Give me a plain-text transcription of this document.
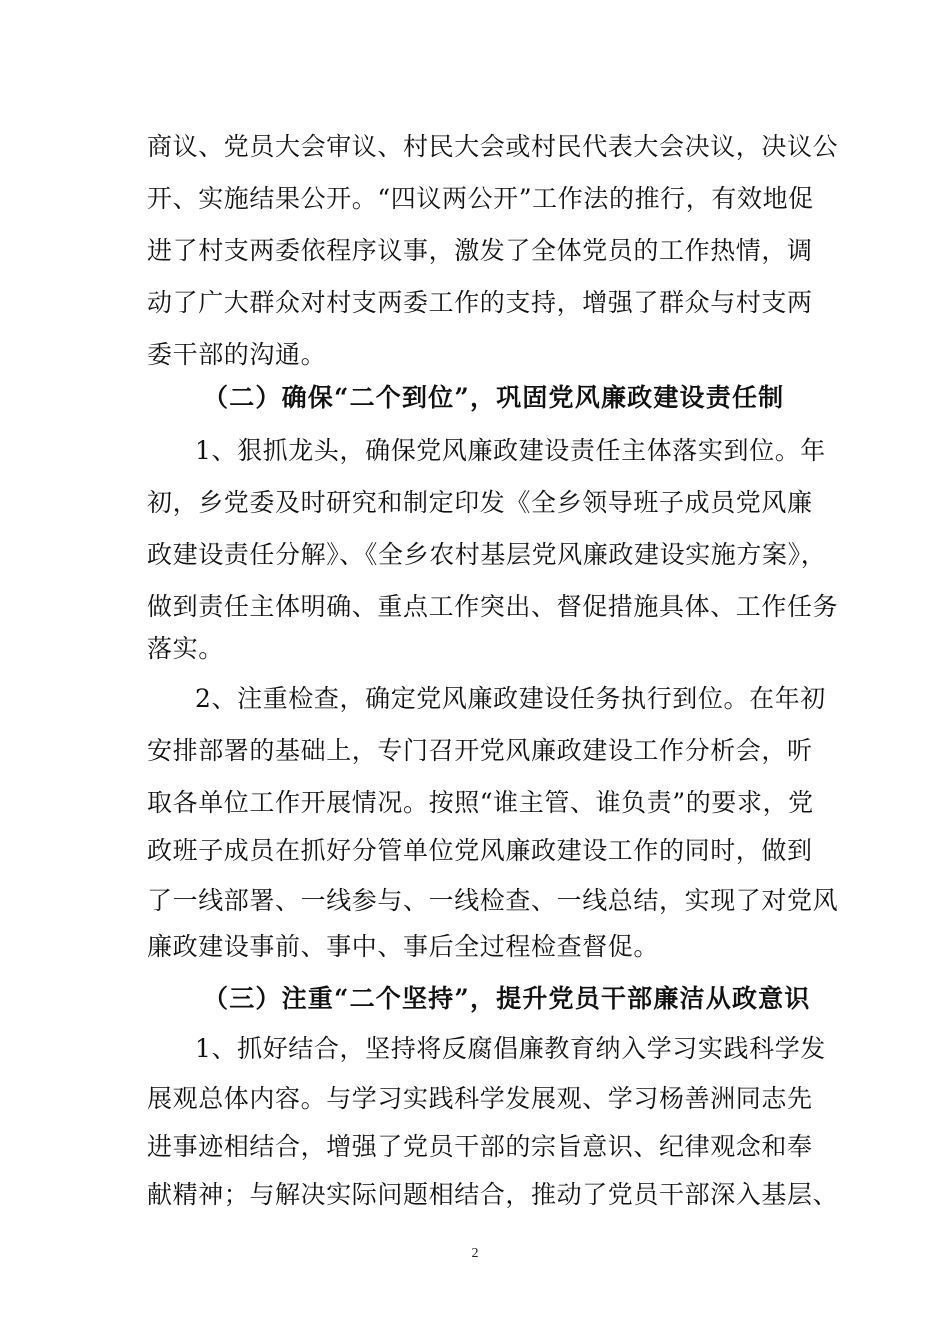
商议、党员大会审议、村民大会或村民代表大会决议，决议公
开、实施结果公开。“四议两公开”工作法的推行，有效地促
进了村支两委依程序议事，激发了全体党员的工作热情，调
动了广大群众对村支两委工作的支持，增强了群众与村支两
委干部的沟通。
（二）确保“二个到位”，巩固党风廉政建设责任制
1、狠抓龙头，确保党风廉政建设责任主体落实到位。年
初，乡党委及时研究和制定印发《全乡领导班子成员党风廉
政建设责任分解》、《全乡农村基层党风廉政建设实施方案》，
做到责任主体明确、重点工作突出、督促措施具体、工作任务
落实。
2、注重检查，确定党风廉政建设任务执行到位。在年初
安排部署的基础上，专门召开党风廉政建设工作分析会，听
取各单位工作开展情况。按照“谁主管、谁负责”的要求，党
政班子成员在抓好分管单位党风廉政建设工作的同时，做到
了一线部署、一线参与、一线检查、一线总结，实现了对党风
廉政建设事前、事中、事后全过程检查督促。
（三）注重“二个坚持”，提升党员干部廉洁从政意识
1、抓好结合，坚持将反腐倡廉教育纳入学习实践科学发
展观总体内容。与学习实践科学发展观、学习杨善洲同志先
进事迹相结合，增强了党员干部的宗旨意识、纪律观念和奉
献精神；与解决实际问题相结合，推动了党员干部深入基层、
2
